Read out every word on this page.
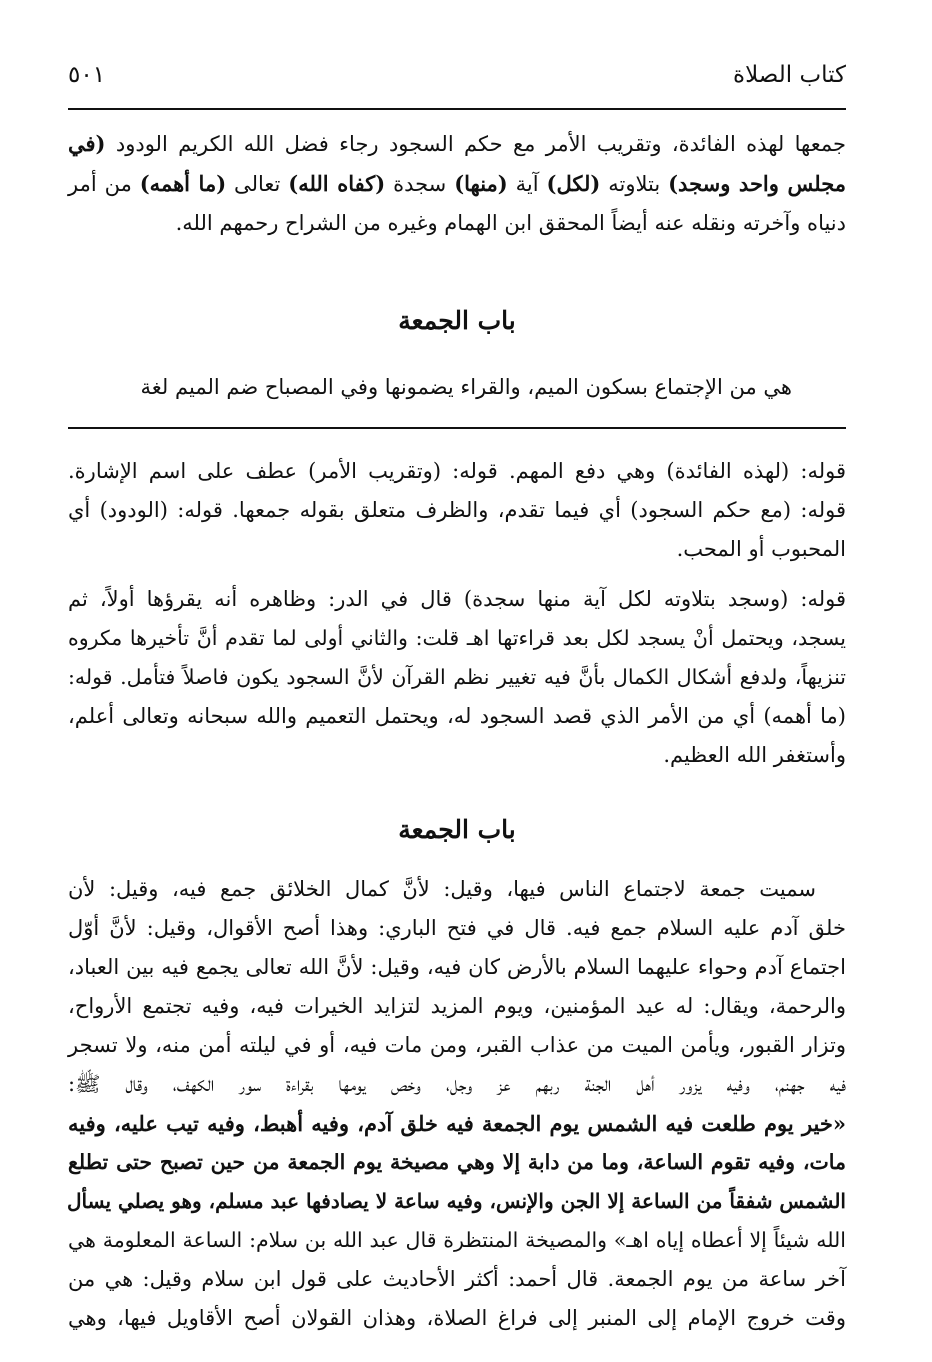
كتاب الصلاة
٥٠١
جمعها لهذه الفائدة، وتقريب الأمر مع حكم السجود رجاء فضل الله الكريم الودود (في
مجلس واحد وسجد) بتلاوته (لكل) آية (منها) سجدة (كفاه الله) تعالى (ما أهمه) من أمر
دنياه وآخرته ونقله عنه أيضاً المحقق ابن الهمام وغيره من الشراح رحمهم الله.
باب الجمعة
هي من الإجتماع بسكون الميم، والقراء يضمونها وفي المصباح ضم الميم لغة
قوله: (لهذه الفائدة) وهي دفع المهم. قوله: (وتقريب الأمر) عطف على اسم الإشارة.
قوله: (مع حكم السجود) أي فيما تقدم، والظرف متعلق بقوله جمعها. قوله: (الودود) أي
المحبوب أو المحب.
قوله: (وسجد بتلاوته لكل آية منها سجدة) قال في الدر: وظاهره أنه يقرؤها أولاً، ثم
يسجد، ويحتمل أنْ يسجد لكل بعد قراءتها اهـ قلت: والثاني أولى لما تقدم أنَّ تأخيرها مكروه
تنزيهاً، ولدفع أشكال الكمال بأنَّ فيه تغيير نظم القرآن لأنَّ السجود يكون فاصلاً فتأمل. قوله:
(ما أهمه) أي من الأمر الذي قصد السجود له، ويحتمل التعميم والله سبحانه وتعالى أعلم،
وأستغفر الله العظيم.
باب الجمعة
سميت جمعة لاجتماع الناس فيها، وقيل: لأنَّ كمال الخلائق جمع فيه، وقيل: لأن
خلق آدم عليه السلام جمع فيه. قال في فتح الباري: وهذا أصح الأقوال، وقيل: لأنَّ أوّل
اجتماع آدم وحواء عليهما السلام بالأرض كان فيه، وقيل: لأنَّ الله تعالى يجمع فيه بين العباد،
والرحمة، ويقال: له عيد المؤمنين، ويوم المزيد لتزايد الخيرات فيه، وفيه تجتمع الأرواح،
وتزار القبور، ويأمن الميت من عذاب القبر، ومن مات فيه، أو في ليلته أمن منه، ولا تسجر
فيه جهنم، وفيه يزور أهل الجنة ربهم عز وجل، وخص يومها بقراءة سور الكهف، وقال ﷺ:
«خير يوم طلعت فيه الشمس يوم الجمعة فيه خلق آدم، وفيه أهبط، وفيه تيب عليه، وفيه
مات، وفيه تقوم الساعة، وما من دابة إلا وهي مصيخة يوم الجمعة من حين تصبح حتى تطلع
الشمس شفقاً من الساعة إلا الجن والإنس، وفيه ساعة لا يصادفها عبد مسلم، وهو يصلي يسأل
الله شيئاً إلا أعطاه إياه اهـ» والمصيخة المنتظرة قال عبد الله بن سلام: الساعة المعلومة هي
آخر ساعة من يوم الجمعة. قال أحمد: أكثر الأحاديث على قول ابن سلام وقيل: هي من
وقت خروج الإمام إلى المنبر إلى فراغ الصلاة، وهذان القولان أصح الأقاويل فيها، وهي
